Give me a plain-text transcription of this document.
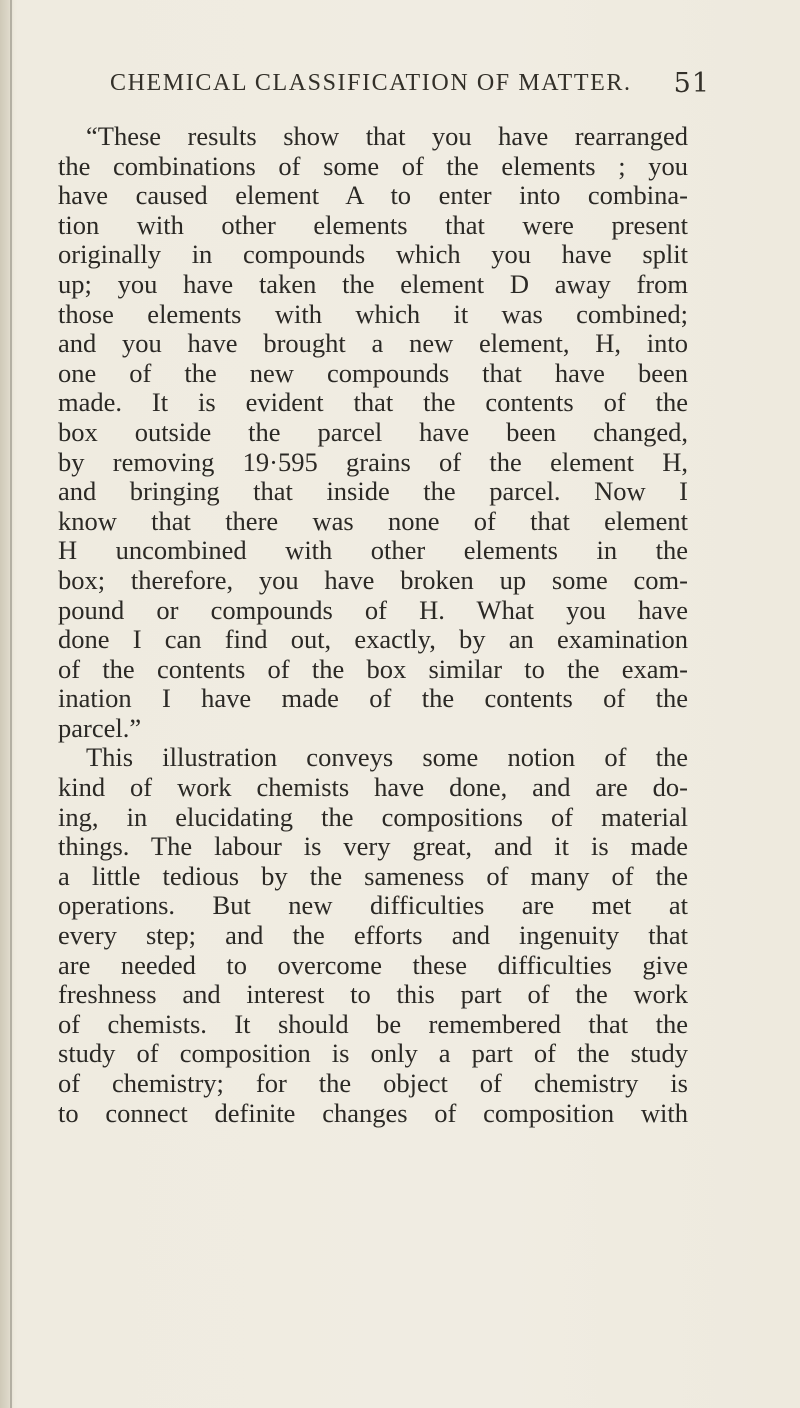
CHEMICAL CLASSIFICATION OF MATTER. 51
“These results show that you have rearranged
the combinations of some of the elements ; you
have caused element A to enter into combina-
tion with other elements that were present
originally in compounds which you have split
up; you have taken the element D away from
those elements with which it was combined;
and you have brought a new element, H, into
one of the new compounds that have been
made. It is evident that the contents of the
box outside the parcel have been changed,
by removing 19·595 grains of the element H,
and bringing that inside the parcel. Now I
know that there was none of that element
H uncombined with other elements in the
box; therefore, you have broken up some com-
pound or compounds of H. What you have
done I can find out, exactly, by an examination
of the contents of the box similar to the exam-
ination I have made of the contents of the
parcel.”
This illustration conveys some notion of the
kind of work chemists have done, and are do-
ing, in elucidating the compositions of material
things. The labour is very great, and it is made
a little tedious by the sameness of many of the
operations. But new difficulties are met at
every step; and the efforts and ingenuity that
are needed to overcome these difficulties give
freshness and interest to this part of the work
of chemists. It should be remembered that the
study of composition is only a part of the study
of chemistry; for the object of chemistry is
to connect definite changes of composition with
